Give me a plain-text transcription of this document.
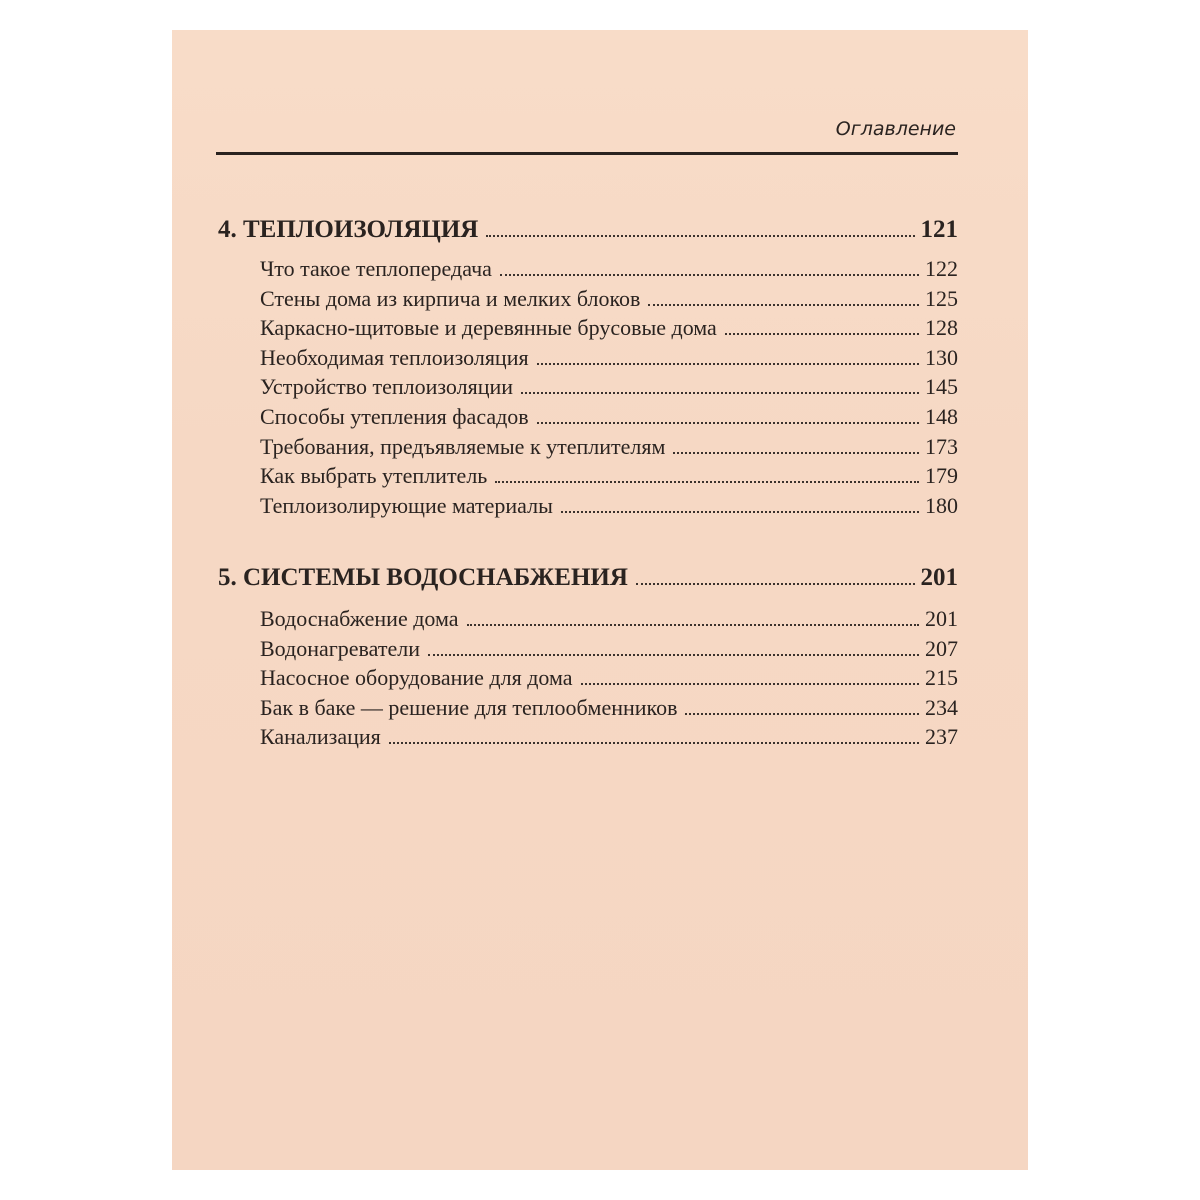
Оглавление
4. ТЕПЛОИЗОЛЯЦИЯ	121
Что такое теплопередача	122
Стены дома из кирпича и мелких блоков	125
Каркасно-щитовые и деревянные брусовые дома	128
Необходимая теплоизоляция	130
Устройство теплоизоляции	145
Способы утепления фасадов	148
Требования, предъявляемые к утеплителям	173
Как выбрать утеплитель	179
Теплоизолирующие материалы	180
5. СИСТЕМЫ ВОДОСНАБЖЕНИЯ	201
Водоснабжение дома	201
Водонагреватели	207
Насосное оборудование для дома	215
Бак в баке — решение для теплообменников	234
Канализация	237
